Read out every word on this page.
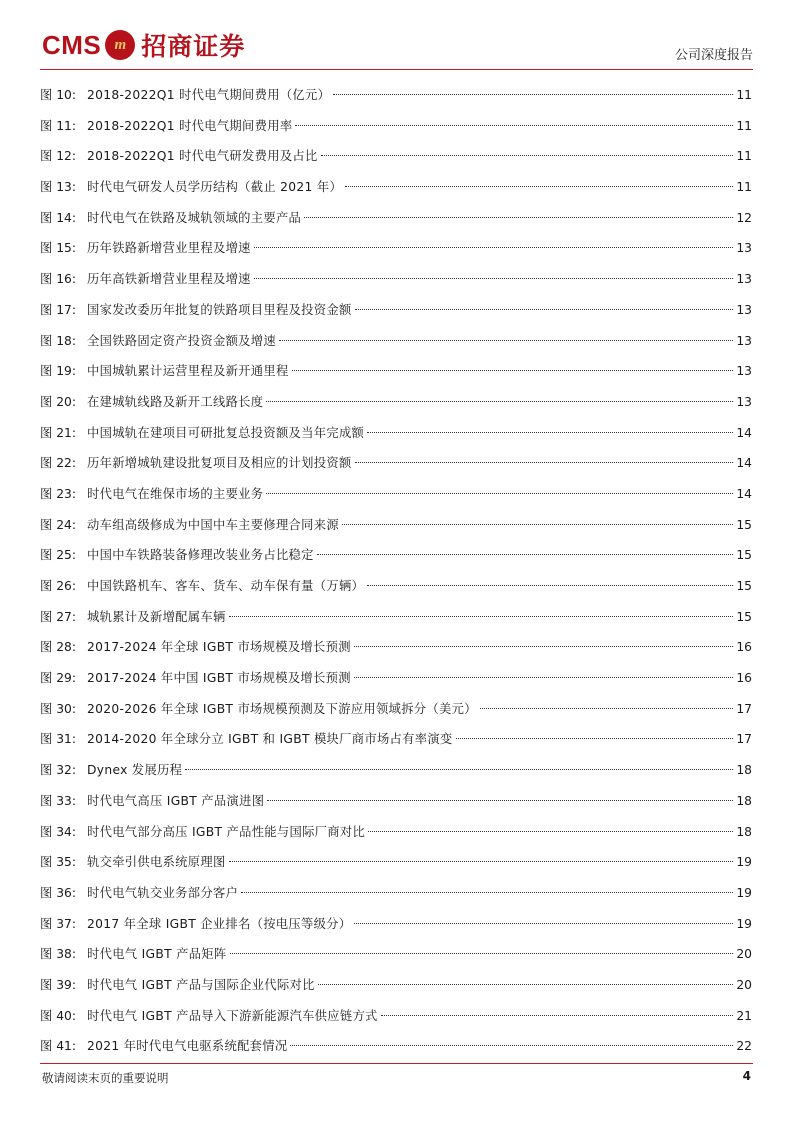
CMS m 招商证券	公司深度报告
图 10: 2018-2022Q1 时代电气期间费用（亿元）	11
图 11: 2018-2022Q1 时代电气期间费用率	11
图 12: 2018-2022Q1 时代电气研发费用及占比	11
图 13: 时代电气研发人员学历结构（截止 2021 年）	11
图 14: 时代电气在铁路及城轨领域的主要产品	12
图 15: 历年铁路新增营业里程及增速	13
图 16: 历年高铁新增营业里程及增速	13
图 17: 国家发改委历年批复的铁路项目里程及投资金额	13
图 18: 全国铁路固定资产投资金额及增速	13
图 19: 中国城轨累计运营里程及新开通里程	13
图 20: 在建城轨线路及新开工线路长度	13
图 21: 中国城轨在建项目可研批复总投资额及当年完成额	14
图 22: 历年新增城轨建设批复项目及相应的计划投资额	14
图 23: 时代电气在维保市场的主要业务	14
图 24: 动车组高级修成为中国中车主要修理合同来源	15
图 25: 中国中车铁路装备修理改装业务占比稳定	15
图 26: 中国铁路机车、客车、货车、动车保有量（万辆）	15
图 27: 城轨累计及新增配属车辆	15
图 28: 2017-2024 年全球 IGBT 市场规模及增长预测	16
图 29: 2017-2024 年中国 IGBT 市场规模及增长预测	16
图 30: 2020-2026 年全球 IGBT 市场规模预测及下游应用领域拆分（美元）	17
图 31: 2014-2020 年全球分立 IGBT 和 IGBT 模块厂商市场占有率演变	17
图 32: Dynex 发展历程	18
图 33: 时代电气高压 IGBT 产品演进图	18
图 34: 时代电气部分高压 IGBT 产品性能与国际厂商对比	18
图 35: 轨交牵引供电系统原理图	19
图 36: 时代电气轨交业务部分客户	19
图 37: 2017 年全球 IGBT 企业排名（按电压等级分）	19
图 38: 时代电气 IGBT 产品矩阵	20
图 39: 时代电气 IGBT 产品与国际企业代际对比	20
图 40: 时代电气 IGBT 产品导入下游新能源汽车供应链方式	21
图 41: 2021 年时代电气电驱系统配套情况	22
敬请阅读末页的重要说明	4
